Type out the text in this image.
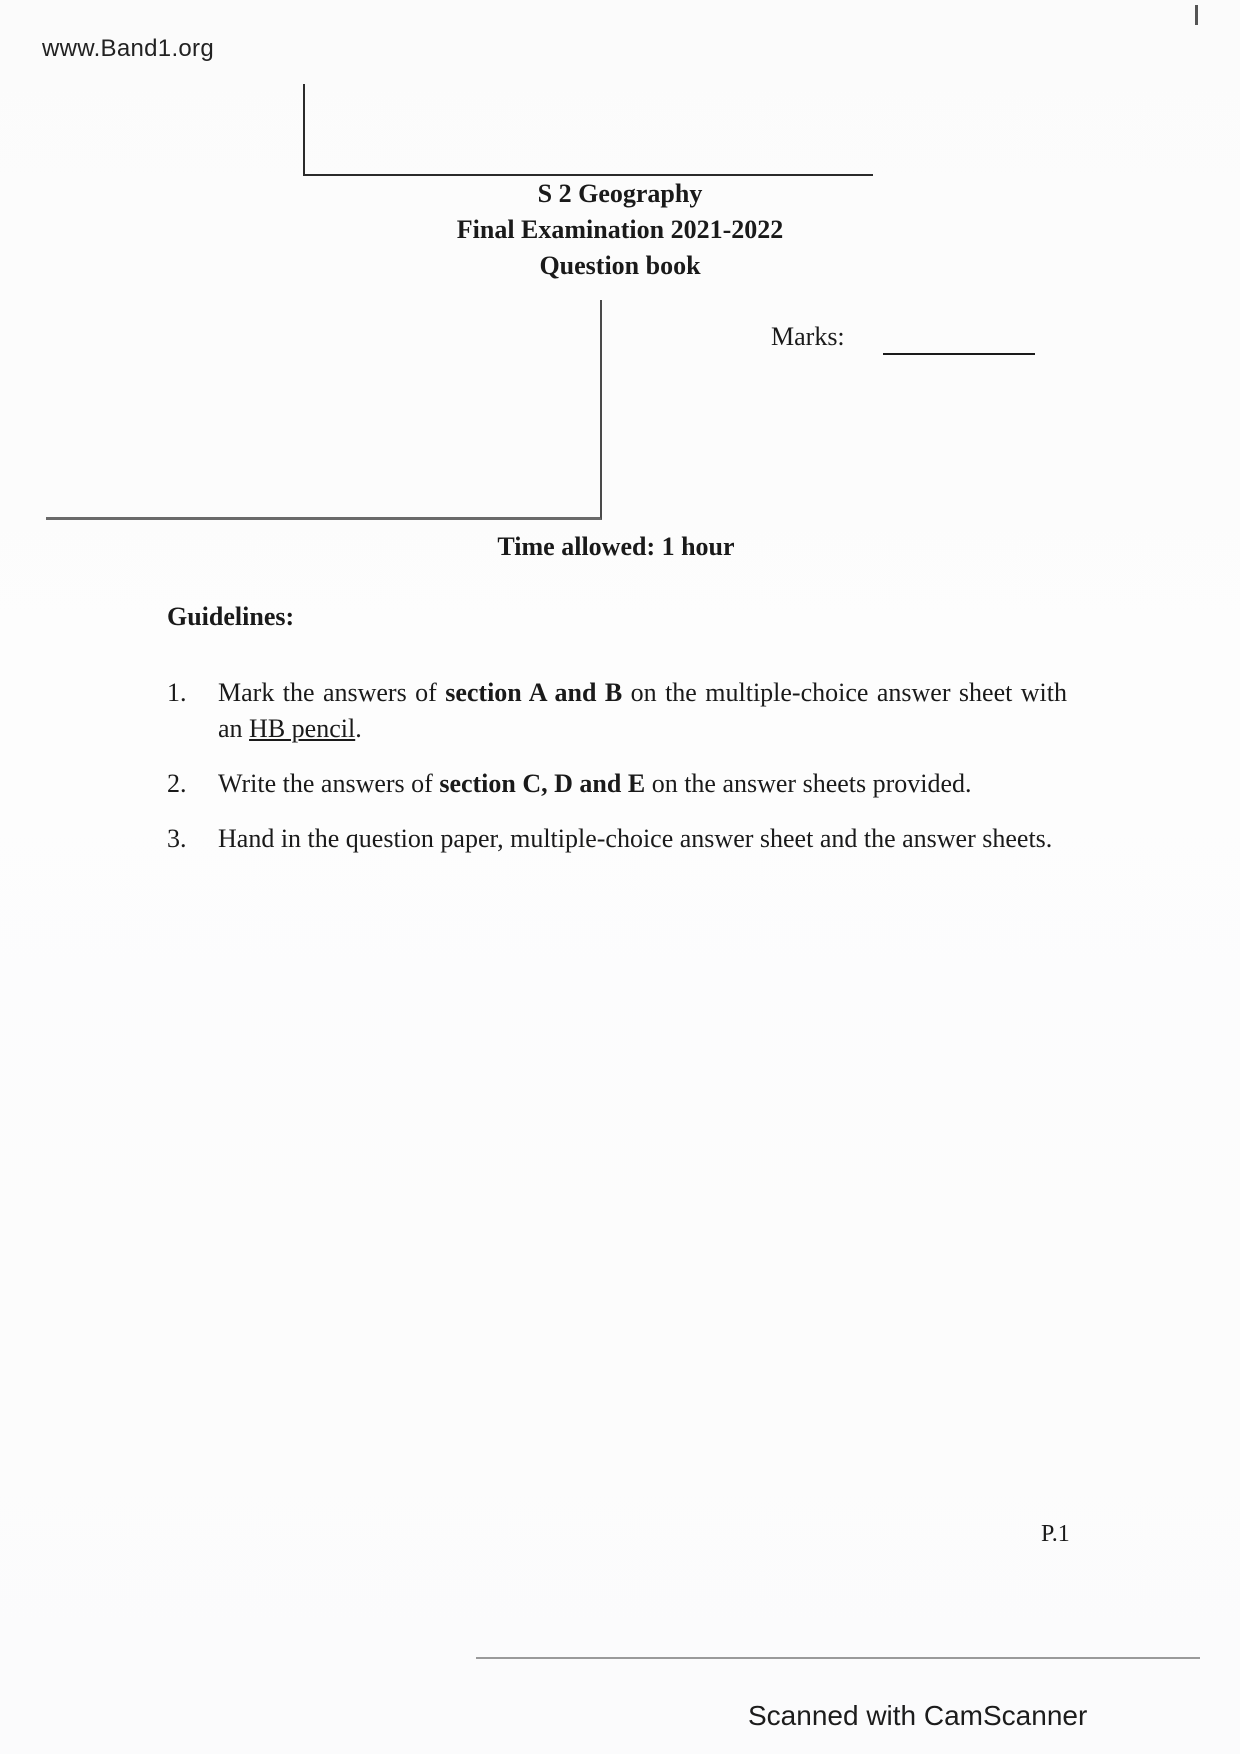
www.Band1.org
S 2 Geography
Final Examination 2021-2022
Question book
Marks:
Time allowed: 1 hour
Guidelines:
1. Mark the answers of section A and B on the multiple-choice answer sheet with an HB pencil.
2. Write the answers of section C, D and E on the answer sheets provided.
3. Hand in the question paper, multiple-choice answer sheet and the answer sheets.
P.1
Scanned with CamScanner
